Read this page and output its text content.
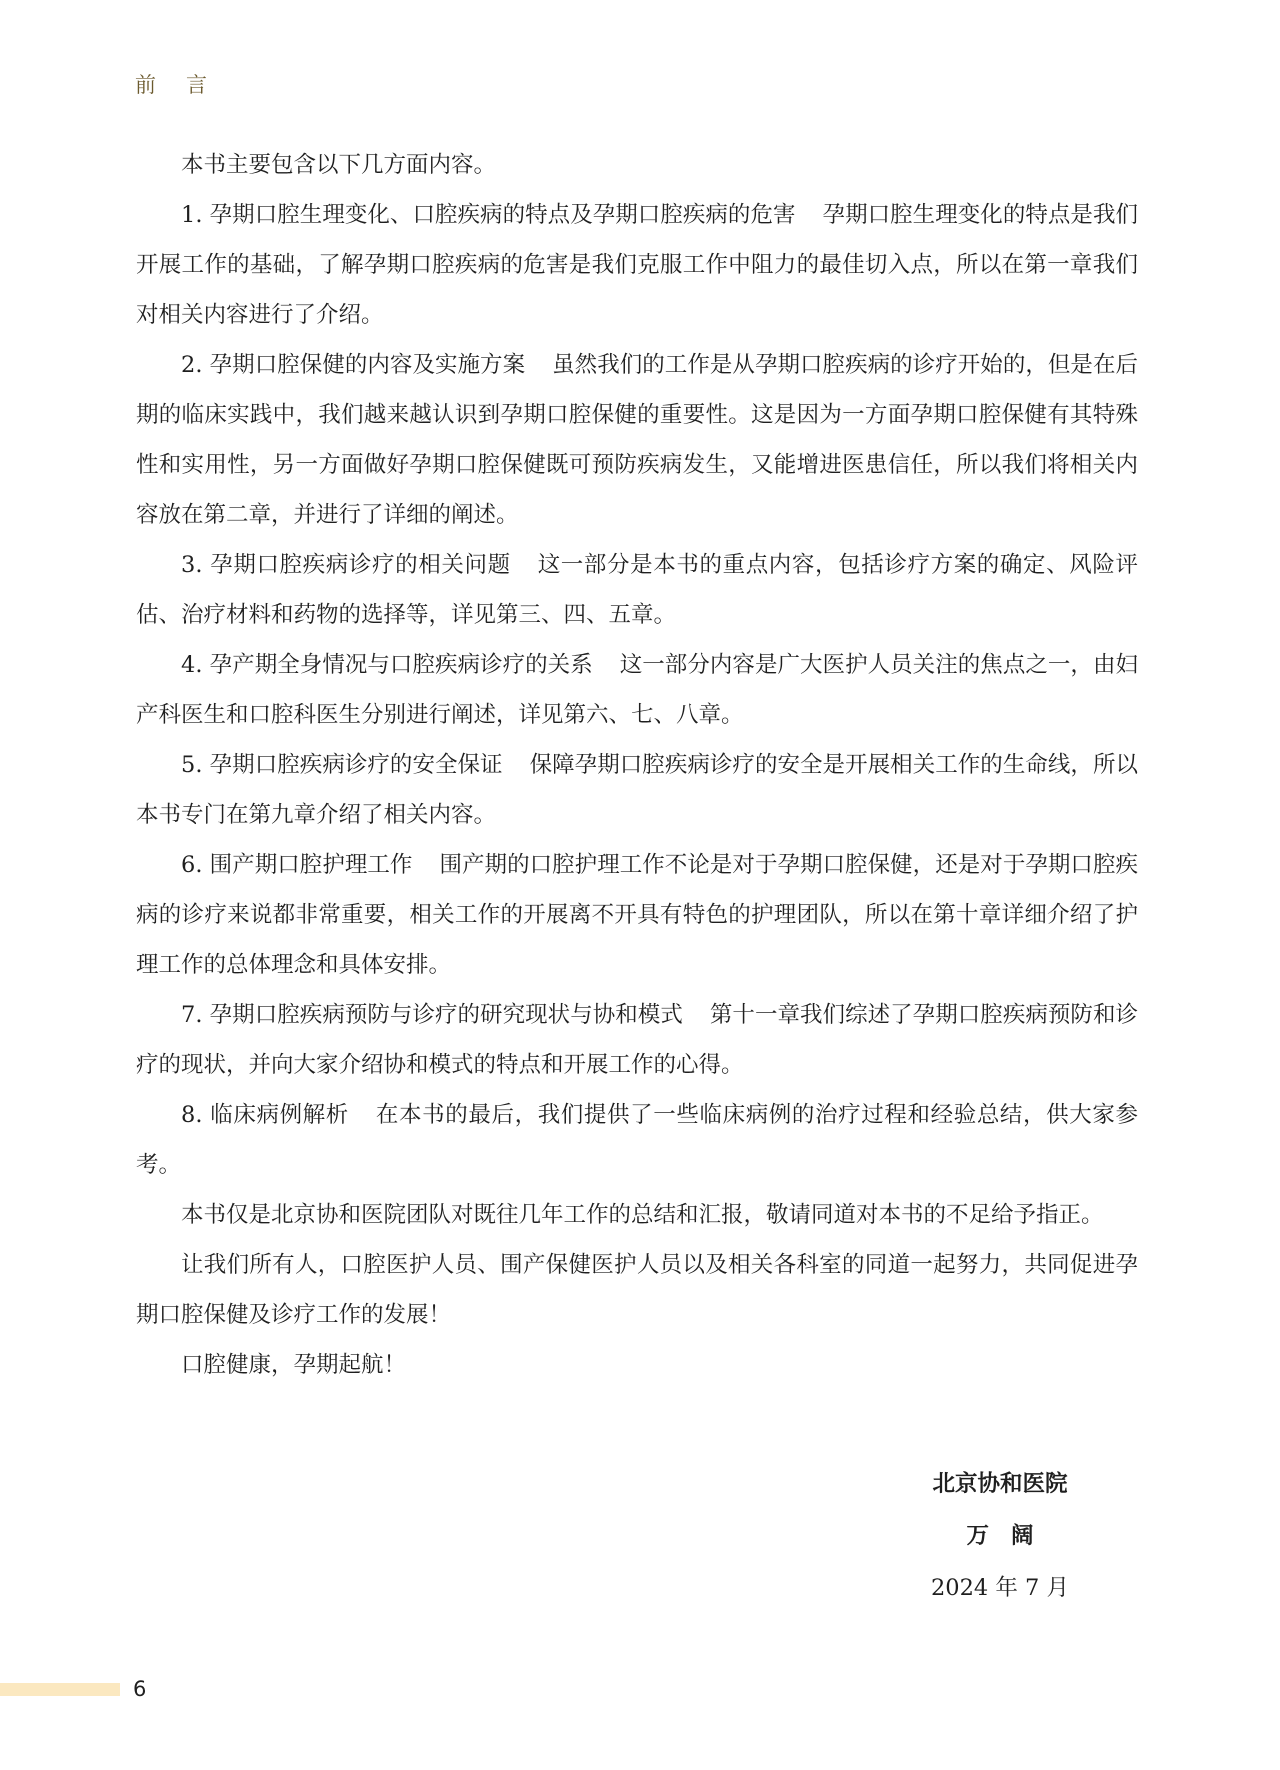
前言

本书主要包含以下几方面内容。

1. 孕期口腔生理变化、口腔疾病的特点及孕期口腔疾病的危害 孕期口腔生理变化的特点是我们开展工作的基础，了解孕期口腔疾病的危害是我们克服工作中阻力的最佳切入点，所以在第一章我们对相关内容进行了介绍。

2. 孕期口腔保健的内容及实施方案 虽然我们的工作是从孕期口腔疾病的诊疗开始的，但是在后期的临床实践中，我们越来越认识到孕期口腔保健的重要性。这是因为一方面孕期口腔保健有其特殊性和实用性，另一方面做好孕期口腔保健既可预防疾病发生，又能增进医患信任，所以我们将相关内容放在第二章，并进行了详细的阐述。

3. 孕期口腔疾病诊疗的相关问题 这一部分是本书的重点内容，包括诊疗方案的确定、风险评估、治疗材料和药物的选择等，详见第三、四、五章。

4. 孕产期全身情况与口腔疾病诊疗的关系 这一部分内容是广大医护人员关注的焦点之一，由妇产科医生和口腔科医生分别进行阐述，详见第六、七、八章。

5. 孕期口腔疾病诊疗的安全保证 保障孕期口腔疾病诊疗的安全是开展相关工作的生命线，所以本书专门在第九章介绍了相关内容。

6. 围产期口腔护理工作 围产期的口腔护理工作不论是对于孕期口腔保健，还是对于孕期口腔疾病的诊疗来说都非常重要，相关工作的开展离不开具有特色的护理团队，所以在第十章详细介绍了护理工作的总体理念和具体安排。

7. 孕期口腔疾病预防与诊疗的研究现状与协和模式 第十一章我们综述了孕期口腔疾病预防和诊疗的现状，并向大家介绍协和模式的特点和开展工作的心得。

8. 临床病例解析 在本书的最后，我们提供了一些临床病例的治疗过程和经验总结，供大家参考。

本书仅是北京协和医院团队对既往几年工作的总结和汇报，敬请同道对本书的不足给予指正。

让我们所有人，口腔医护人员、围产保健医护人员以及相关各科室的同道一起努力，共同促进孕期口腔保健及诊疗工作的发展！

口腔健康，孕期起航！

北京协和医院
万阔
2024 年 7 月
6
